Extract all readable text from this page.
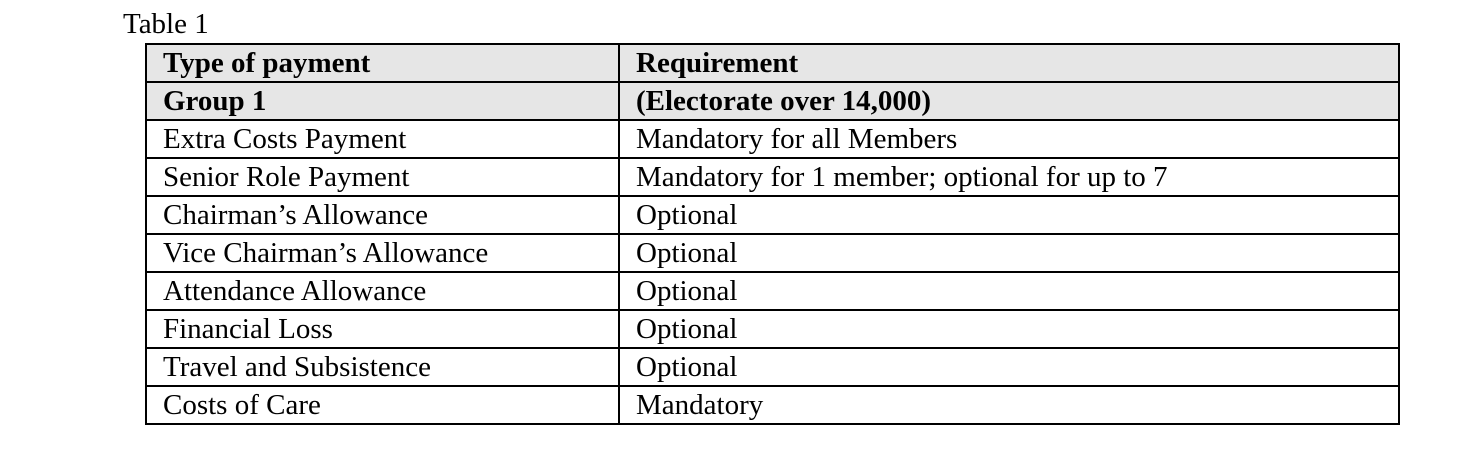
Table 1
Type of payment	Requirement
Group 1	(Electorate over 14,000)
Extra Costs Payment	Mandatory for all Members
Senior Role Payment	Mandatory for 1 member; optional for up to 7
Chairman’s Allowance	Optional
Vice Chairman’s Allowance	Optional
Attendance Allowance	Optional
Financial Loss	Optional
Travel and Subsistence	Optional
Costs of Care	Mandatory
